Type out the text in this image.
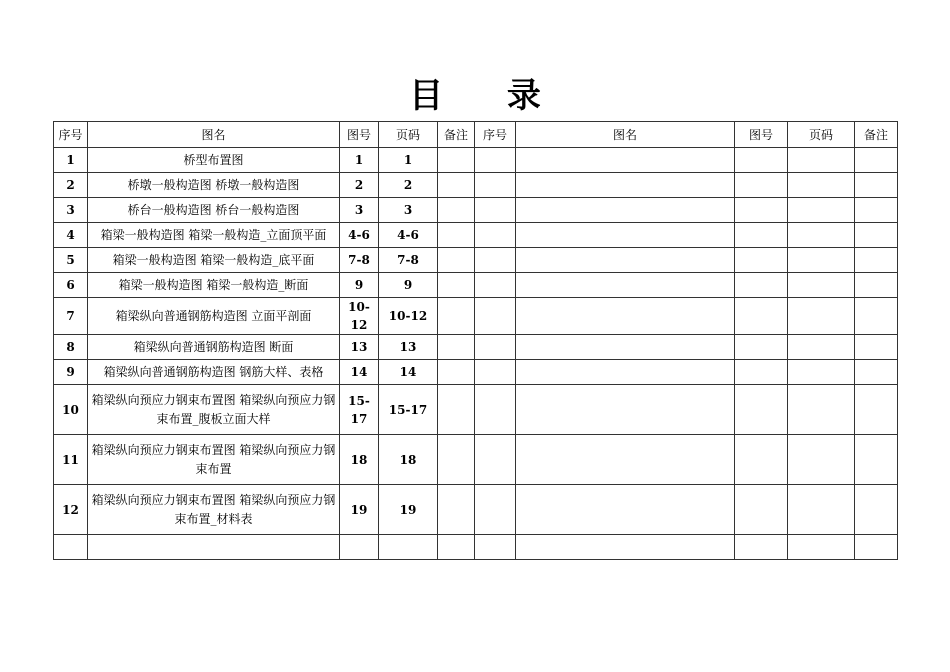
目 录
序号	图名	图号	页码	备注	序号	图名	图号	页码	备注
1	桥型布置图	1	1						
2	桥墩一般构造图 桥墩一般构造图	2	2						
3	桥台一般构造图 桥台一般构造图	3	3						
4	箱梁一般构造图 箱梁一般构造_立面顶平面	4-6	4-6						
5	箱梁一般构造图 箱梁一般构造_底平面	7-8	7-8						
6	箱梁一般构造图 箱梁一般构造_断面	9	9						
7	箱梁纵向普通钢筋构造图 立面平剖面	10-12	10-12						
8	箱梁纵向普通钢筋构造图 断面	13	13						
9	箱梁纵向普通钢筋构造图 钢筋大样、表格	14	14						
10	箱梁纵向预应力钢束布置图 箱梁纵向预应力钢束布置_腹板立面大样	15-17	15-17						
11	箱梁纵向预应力钢束布置图 箱梁纵向预应力钢束布置	18	18						
12	箱梁纵向预应力钢束布置图 箱梁纵向预应力钢束布置_材料表	19	19						
